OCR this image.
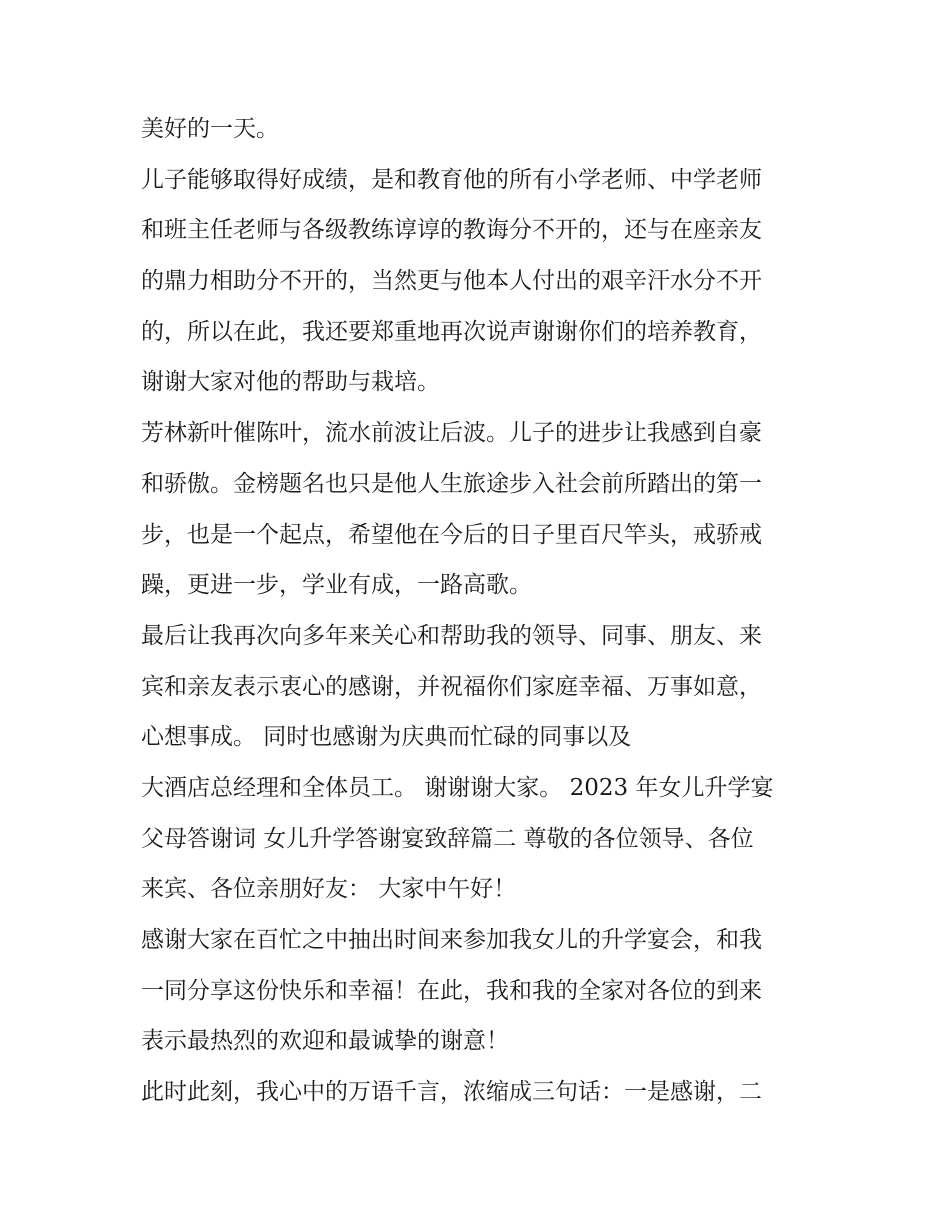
美好的一天。
儿子能够取得好成绩，是和教育他的所有小学老师、中学老师
和班主任老师与各级教练谆谆的教诲分不开的，还与在座亲友
的鼎力相助分不开的，当然更与他本人付出的艰辛汗水分不开
的，所以在此，我还要郑重地再次说声谢谢你们的培养教育，
谢谢大家对他的帮助与栽培。
芳林新叶催陈叶，流水前波让后波。儿子的进步让我感到自豪
和骄傲。金榜题名也只是他人生旅途步入社会前所踏出的第一
步，也是一个起点，希望他在今后的日子里百尺竿头，戒骄戒
躁，更进一步，学业有成，一路高歌。
最后让我再次向多年来关心和帮助我的领导、同事、朋友、来
宾和亲友表示衷心的感谢，并祝福你们家庭幸福、万事如意，
心想事成。 同时也感谢为庆典而忙碌的同事以及
大酒店总经理和全体员工。 谢谢谢大家。 2023 年女儿升学宴
父母答谢词 女儿升学答谢宴致辞篇二 尊敬的各位领导、各位
来宾、各位亲朋好友： 大家中午好！
感谢大家在百忙之中抽出时间来参加我女儿的升学宴会，和我
一同分享这份快乐和幸福！在此，我和我的全家对各位的到来
表示最热烈的欢迎和最诚挚的谢意！
此时此刻，我心中的万语千言，浓缩成三句话：一是感谢，二
